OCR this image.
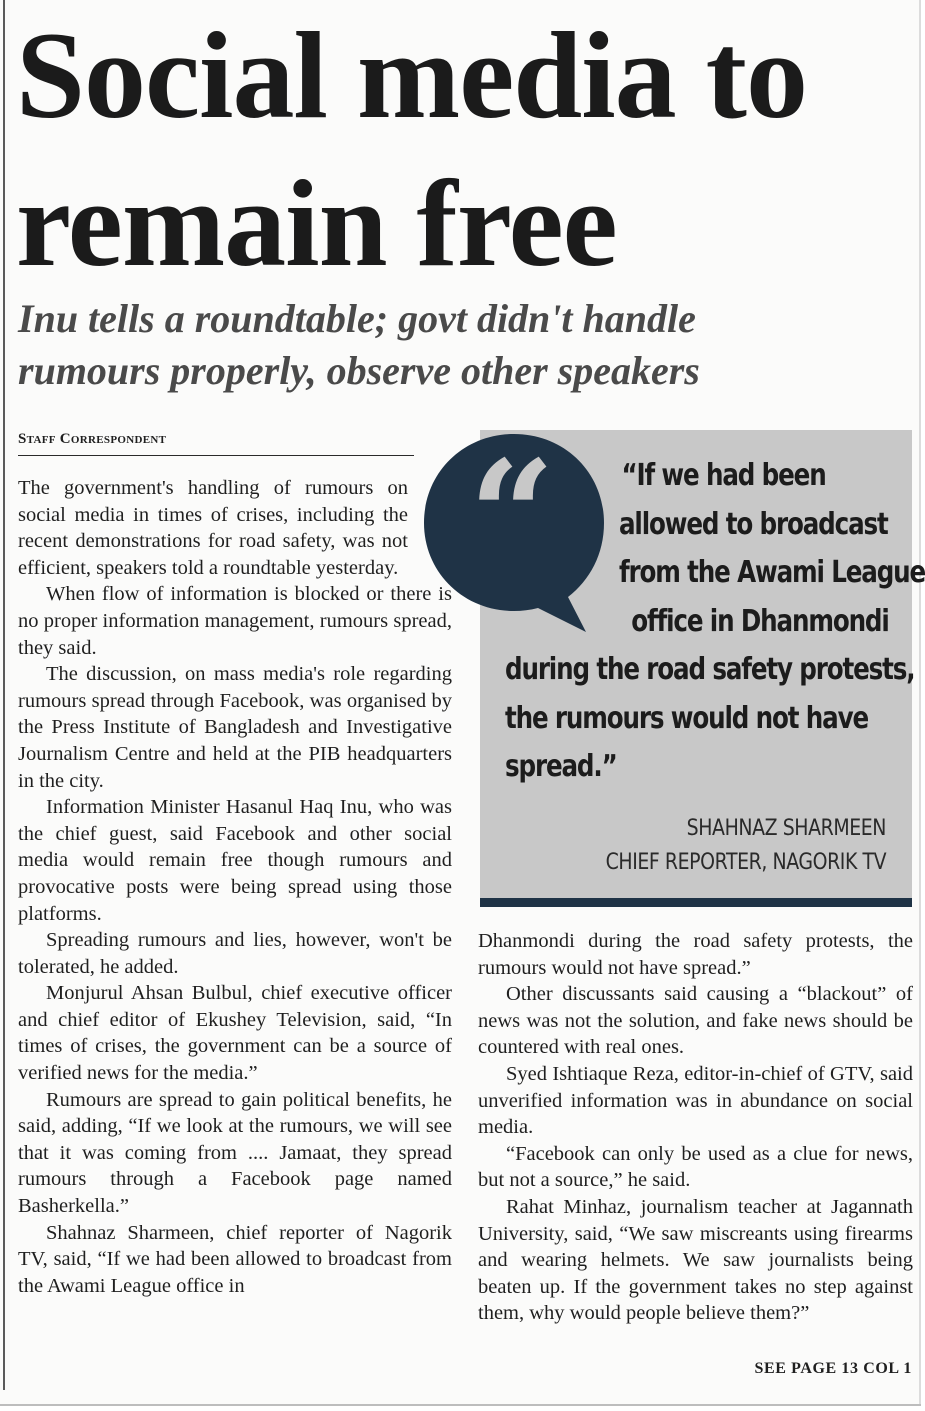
Social media to
remain free
Inu tells a roundtable; govt didn't handle
rumours properly, observe other speakers
Staff Correspondent	“	“If we had been
allowed to broadcast
from the Awami League
office in Dhanmondi
during the road safety protests,
the rumours would not have
spread.”
SHAHNAZ SHARMEEN
CHIEF REPORTER, NAGORIK TV

The government's handling of rumours on social media in times of crises, including the recent demonstrations for road safety, was not efficient, speakers told a roundtable yesterday.

When flow of information is blocked or there is no proper information management, rumours spread, they said.

The discussion, on mass media's role regarding rumours spread through Facebook, was organised by the Press Institute of Bangladesh and Investigative Journalism Centre and held at the PIB headquarters in the city.

Information Minister Hasanul Haq Inu, who was the chief guest, said Facebook and other social media would remain free though rumours and provocative posts were being spread using those platforms.

Spreading rumours and lies, however, won't be tolerated, he added.

Monjurul Ahsan Bulbul, chief executive officer and chief editor of Ekushey Television, said, “In times of crises, the government can be a source of verified news for the media.”

Rumours are spread to gain political benefits, he said, adding, “If we look at the rumours, we will see that it was coming from .... Jamaat, they spread rumours through a Facebook page named Basherkella.”

Shahnaz Sharmeen, chief reporter of Nagorik TV, said, “If we had been allowed to broadcast from the Awami League office in

Dhanmondi during the road safety protests, the rumours would not have spread.”

Other discussants said causing a “blackout” of news was not the solution, and fake news should be countered with real ones.

Syed Ishtiaque Reza, editor-in-chief of GTV, said unverified information was in abundance on social media.

“Facebook can only be used as a clue for news, but not a source,” he said.

Rahat Minhaz, journalism teacher at Jagannath University, said, “We saw miscreants using firearms and wearing helmets. We saw journalists being beaten up. If the government takes no step against them, why would people believe them?”

SEE PAGE 13 COL 1
